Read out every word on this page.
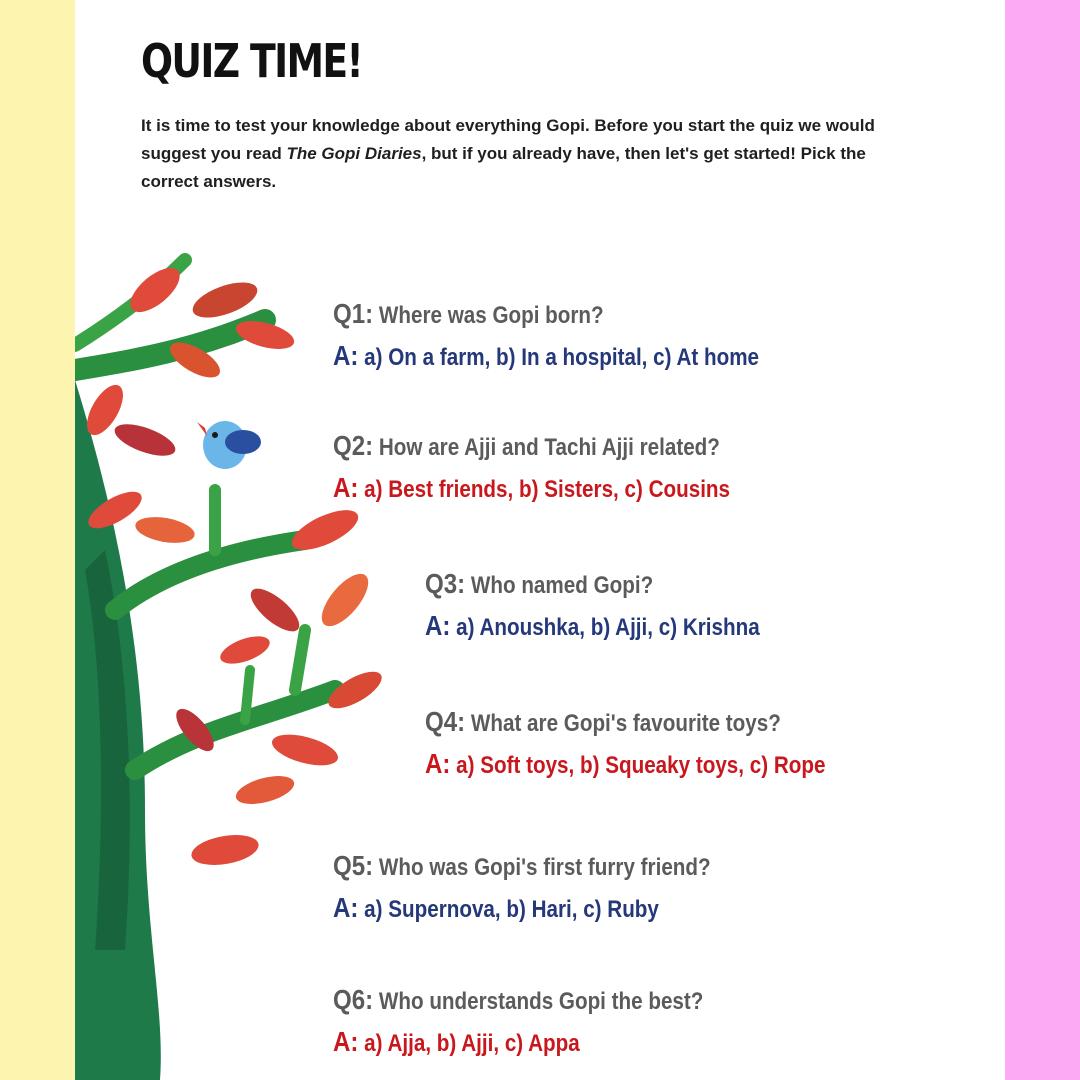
QUIZ TIME!

It is time to test your knowledge about everything Gopi. Before you start the quiz we would suggest you read The Gopi Diaries, but if you already have, then let's get started! Pick the correct answers.

Q1: Where was Gopi born?

A: a) On a farm, b) In a hospital, c) At home

Q2: How are Ajji and Tachi Ajji related?

A: a) Best friends, b) Sisters, c) Cousins

Q3: Who named Gopi?

A: a) Anoushka, b) Ajji, c) Krishna

Q4: What are Gopi's favourite toys?

A: a) Soft toys, b) Squeaky toys, c) Rope

Q5: Who was Gopi's first furry friend?

A: a) Supernova, b) Hari, c) Ruby

Q6: Who understands Gopi the best?

A: a) Ajja, b) Ajji, c) Appa
